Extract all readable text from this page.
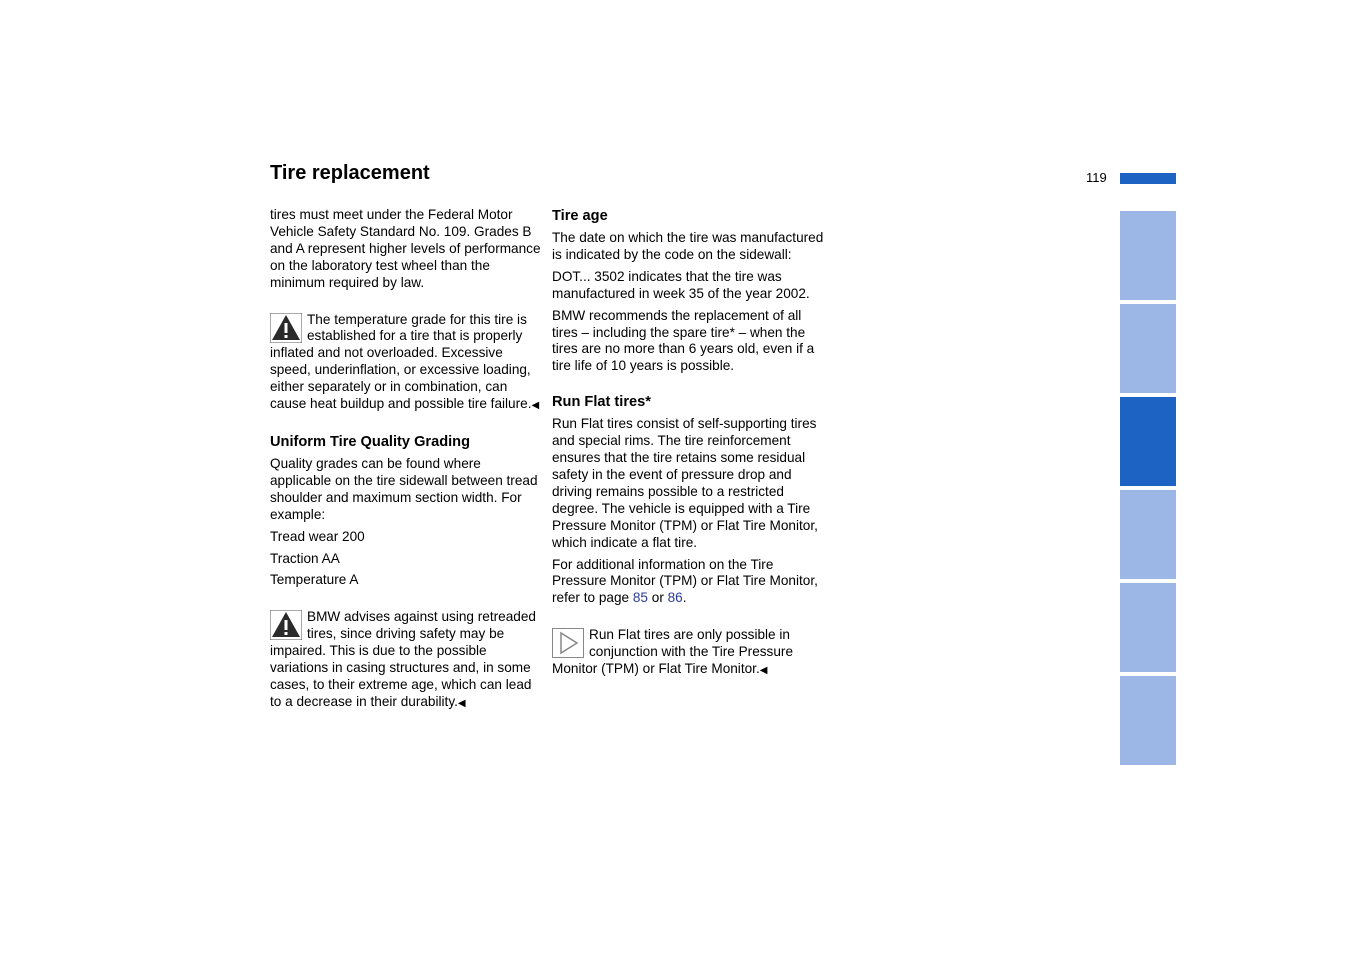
Tire replacement	119

tires must meet under the Federal Motor Vehicle Safety Standard No. 109. Grades B and A represent higher levels of performance on the laboratory test wheel than the minimum required by law.

The temperature grade for this tire is established for a tire that is properly inflated and not overloaded. Excessive speed, underinflation, or excessive loading, either separately or in combination, can cause heat buildup and possible tire failure.◀

Uniform Tire Quality Grading

Quality grades can be found where applicable on the tire sidewall between tread shoulder and maximum section width. For example:

Tread wear 200

Traction AA

Temperature A

BMW advises against using retreaded tires, since driving safety may be impaired. This is due to the possible variations in casing structures and, in some cases, to their extreme age, which can lead to a decrease in their durability.◀

Tire age

The date on which the tire was manufactured is indicated by the code on the sidewall:

DOT... 3502 indicates that the tire was manufactured in week 35 of the year 2002.

BMW recommends the replacement of all tires – including the spare tire* – when the tires are no more than 6 years old, even if a tire life of 10 years is possible.

Run Flat tires*

Run Flat tires consist of self-supporting tires and special rims. The tire reinforcement ensures that the tire retains some residual safety in the event of pressure drop and driving remains possible to a restricted degree. The vehicle is equipped with a Tire Pressure Monitor (TPM) or Flat Tire Monitor, which indicate a flat tire.

For additional information on the Tire Pressure Monitor (TPM) or Flat Tire Monitor, refer to page 85 or 86.

Run Flat tires are only possible in conjunction with the Tire Pressure Monitor (TPM) or Flat Tire Monitor.◀

Overview
Controls
Maintenance
Repairs
Data
Index
